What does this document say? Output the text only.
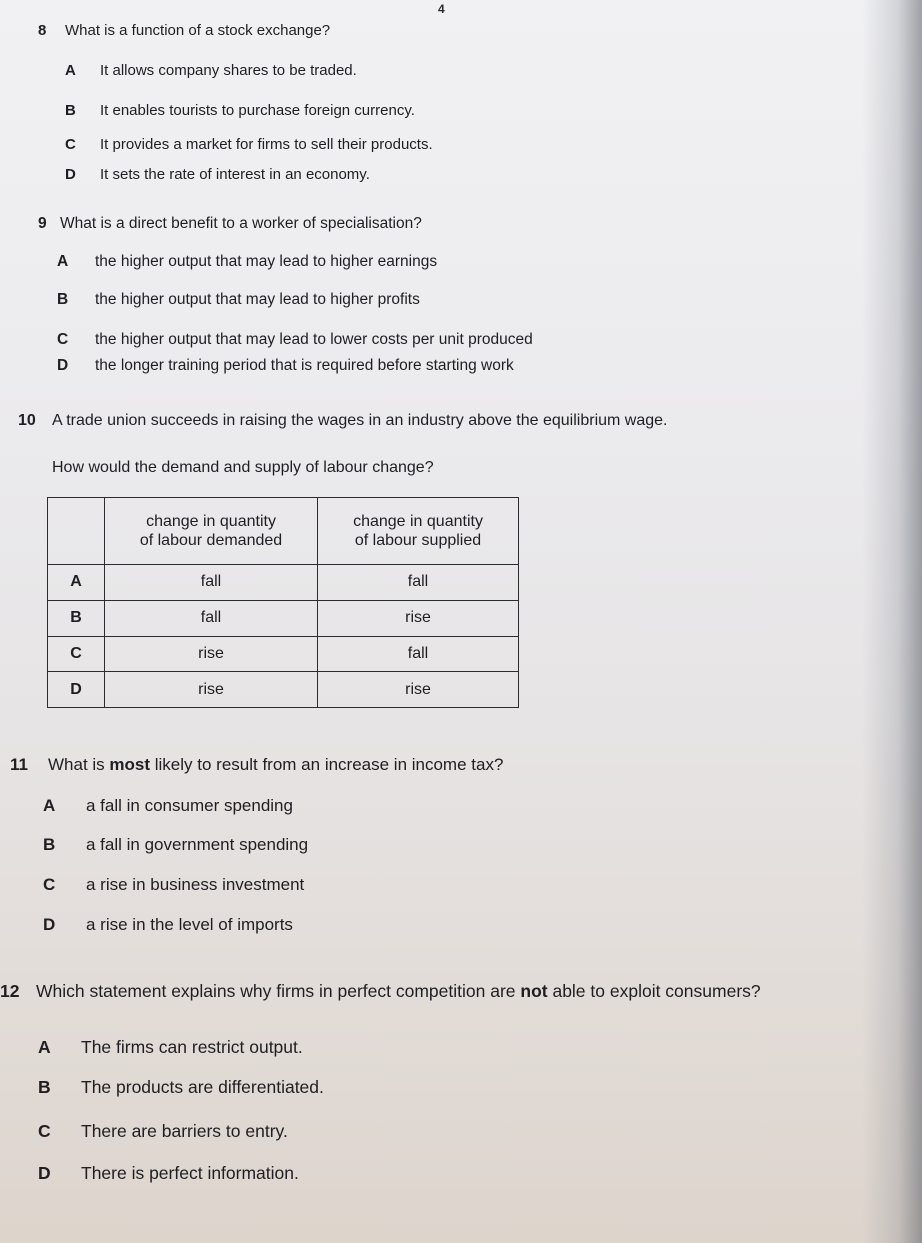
4
8 What is a function of a stock exchange?
A It allows company shares to be traded.
B It enables tourists to purchase foreign currency.
C It provides a market for firms to sell their products.
D It sets the rate of interest in an economy.
9 What is a direct benefit to a worker of specialisation?
A the higher output that may lead to higher earnings
B the higher output that may lead to higher profits
C the higher output that may lead to lower costs per unit produced
D the longer training period that is required before starting work
10 A trade union succeeds in raising the wages in an industry above the equilibrium wage.
How would the demand and supply of labour change?
	change in quantity
of labour demanded	change in quantity
of labour supplied
A	fall	fall
B	fall	rise
C	rise	fall
D	rise	rise
11 What is most likely to result from an increase in income tax?
A a fall in consumer spending
B a fall in government spending
C a rise in business investment
D a rise in the level of imports
12 Which statement explains why firms in perfect competition are not able to exploit consumers?
A The firms can restrict output.
B The products are differentiated.
C There are barriers to entry.
D There is perfect information.
